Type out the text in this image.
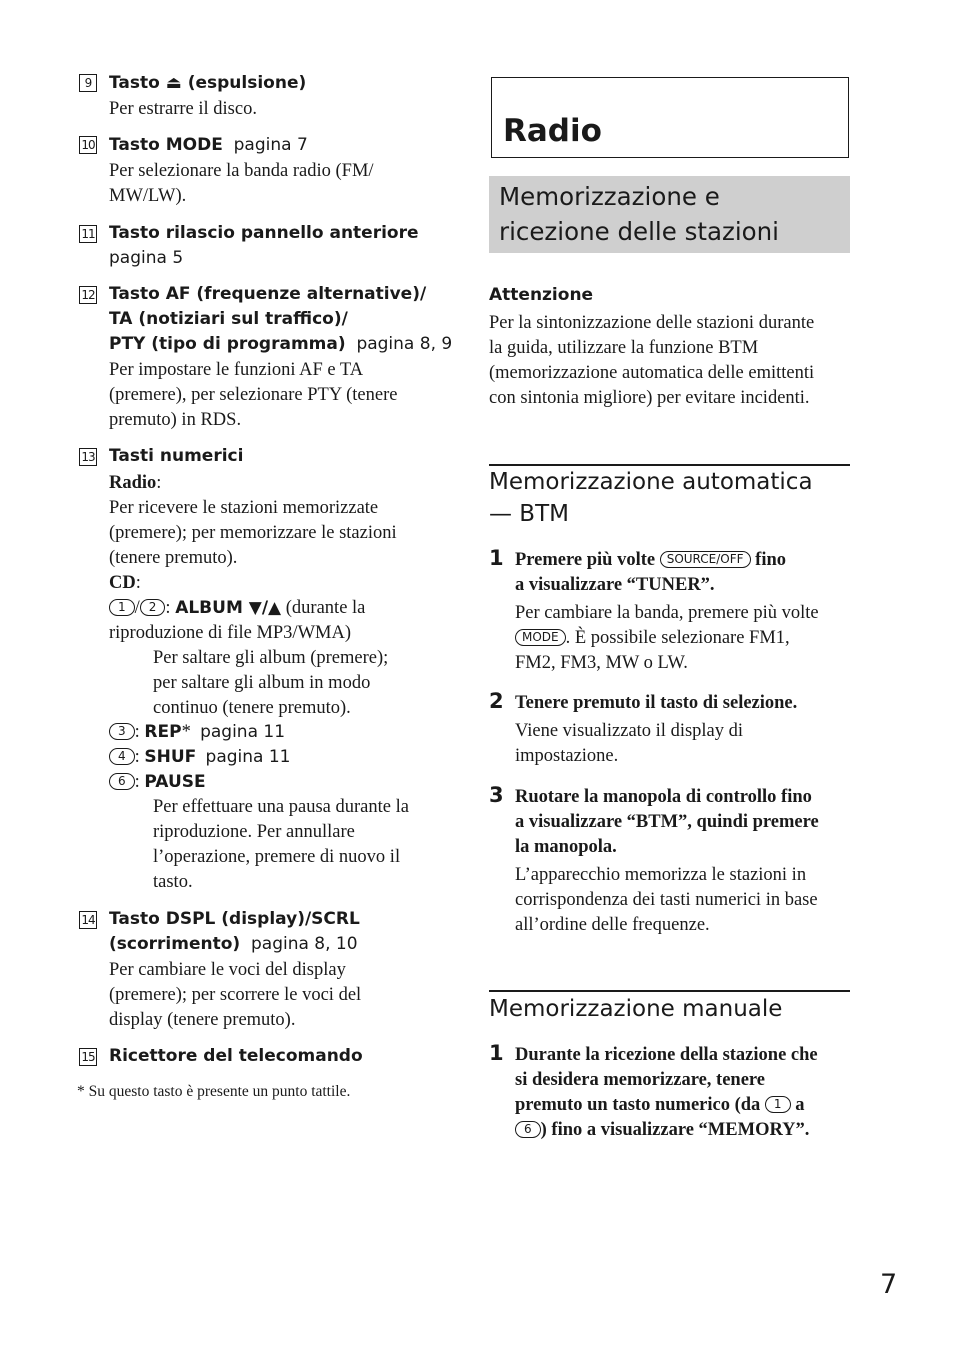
9	Tasto ⏏ (espulsione)
Per estrarre il disco.
10 Tasto MODE pagina 7
Per selezionare la banda radio (FM/
MW/LW).
11 Tasto rilascio pannello anteriore
pagina 5
12 Tasto AF (frequenze alternative)/
TA (notiziari sul traffico)/
PTY (tipo di programma) pagina 8, 9
Per impostare le funzioni AF e TA
(premere), per selezionare PTY (tenere
premuto) in RDS.
13 Tasti numerici
Radio:
Per ricevere le stazioni memorizzate
(premere); per memorizzare le stazioni
(tenere premuto).
CD:
1 / 2 : ALBUM ▼/▲ (durante la
riproduzione di file MP3/WMA)
Per saltare gli album (premere);
per saltare gli album in modo
continuo (tenere premuto).
3 : REP* pagina 11
4 : SHUF pagina 11
6 : PAUSE
Per effettuare una pausa durante la
riproduzione. Per annullare
l’operazione, premere di nuovo il
tasto.
14 Tasto DSPL (display)/SCRL
(scorrimento) pagina 8, 10
Per cambiare le voci del display
(premere); per scorrere le voci del
display (tenere premuto).
15 Ricettore del telecomando
* Su questo tasto è presente un punto tattile.
Radio
Memorizzazione e
ricezione delle stazioni
Attenzione
Per la sintonizzazione delle stazioni durante
la guida, utilizzare la funzione BTM
(memorizzazione automatica delle emittenti
con sintonia migliore) per evitare incidenti.
Memorizzazione automatica
— BTM
1 Premere più volte SOURCE/OFF fino
a visualizzare “TUNER”.
Per cambiare la banda, premere più volte
MODE . È possibile selezionare FM1,
FM2, FM3, MW o LW.
2 Tenere premuto il tasto di selezione.
Viene visualizzato il display di
impostazione.
3 Ruotare la manopola di controllo fino
a visualizzare “BTM”, quindi premere
la manopola.
L’apparecchio memorizza le stazioni in
corrispondenza dei tasti numerici in base
all’ordine delle frequenze.
Memorizzazione manuale
1 Durante la ricezione della stazione che
si desidera memorizzare, tenere
premuto un tasto numerico (da 1 a
6 ) fino a visualizzare “MEMORY”.
7
